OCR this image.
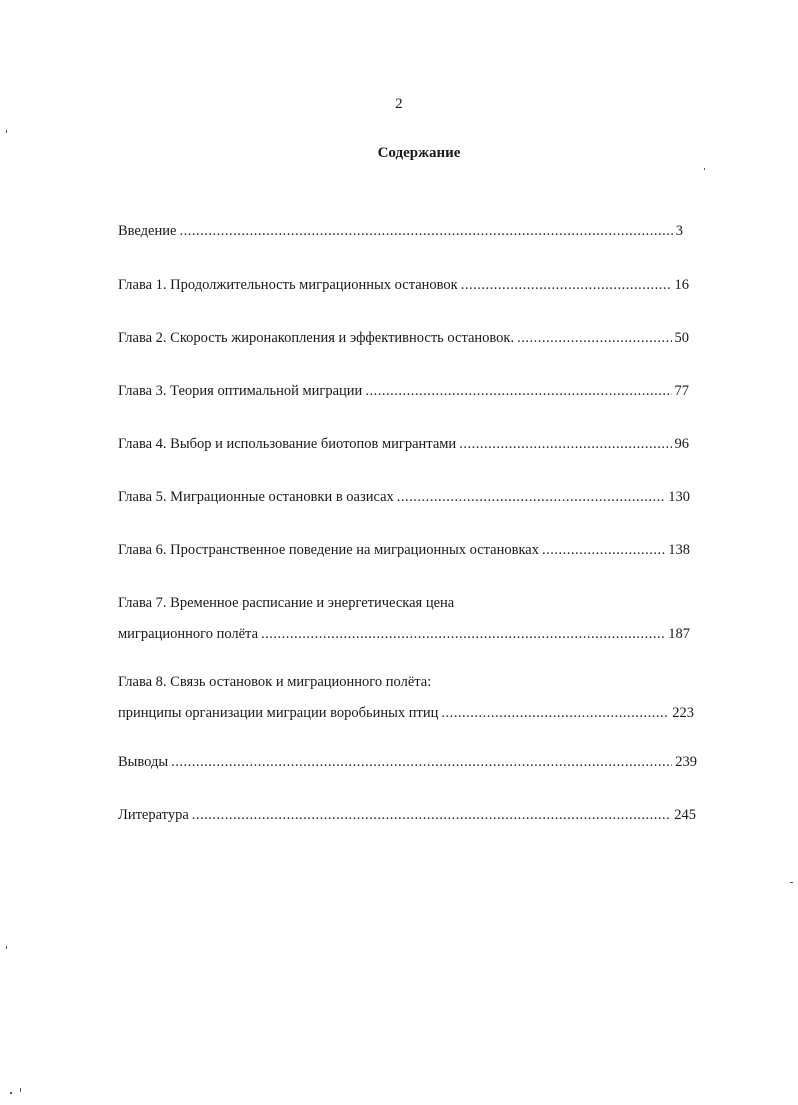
2
Содержание
Введение .....	3
Глава 1. Продолжительность миграционных остановок .....	16
Глава 2. Скорость жиронакопления и эффективность остановок. .....	50
Глава 3. Теория оптимальной миграции .....	77
Глава 4. Выбор и использование биотопов мигрантами .....	96
Глава 5. Миграционные остановки в оазисах .....	130
Глава 6. Пространственное поведение на миграционных остановках .....	138
Глава 7. Временное расписание и энергетическая цена
миграционного полёта .....	187
Глава 8. Связь остановок и миграционного полёта:
принципы организации миграции воробьиных птиц .....	223
Выводы .....	239
Литература .....	245
